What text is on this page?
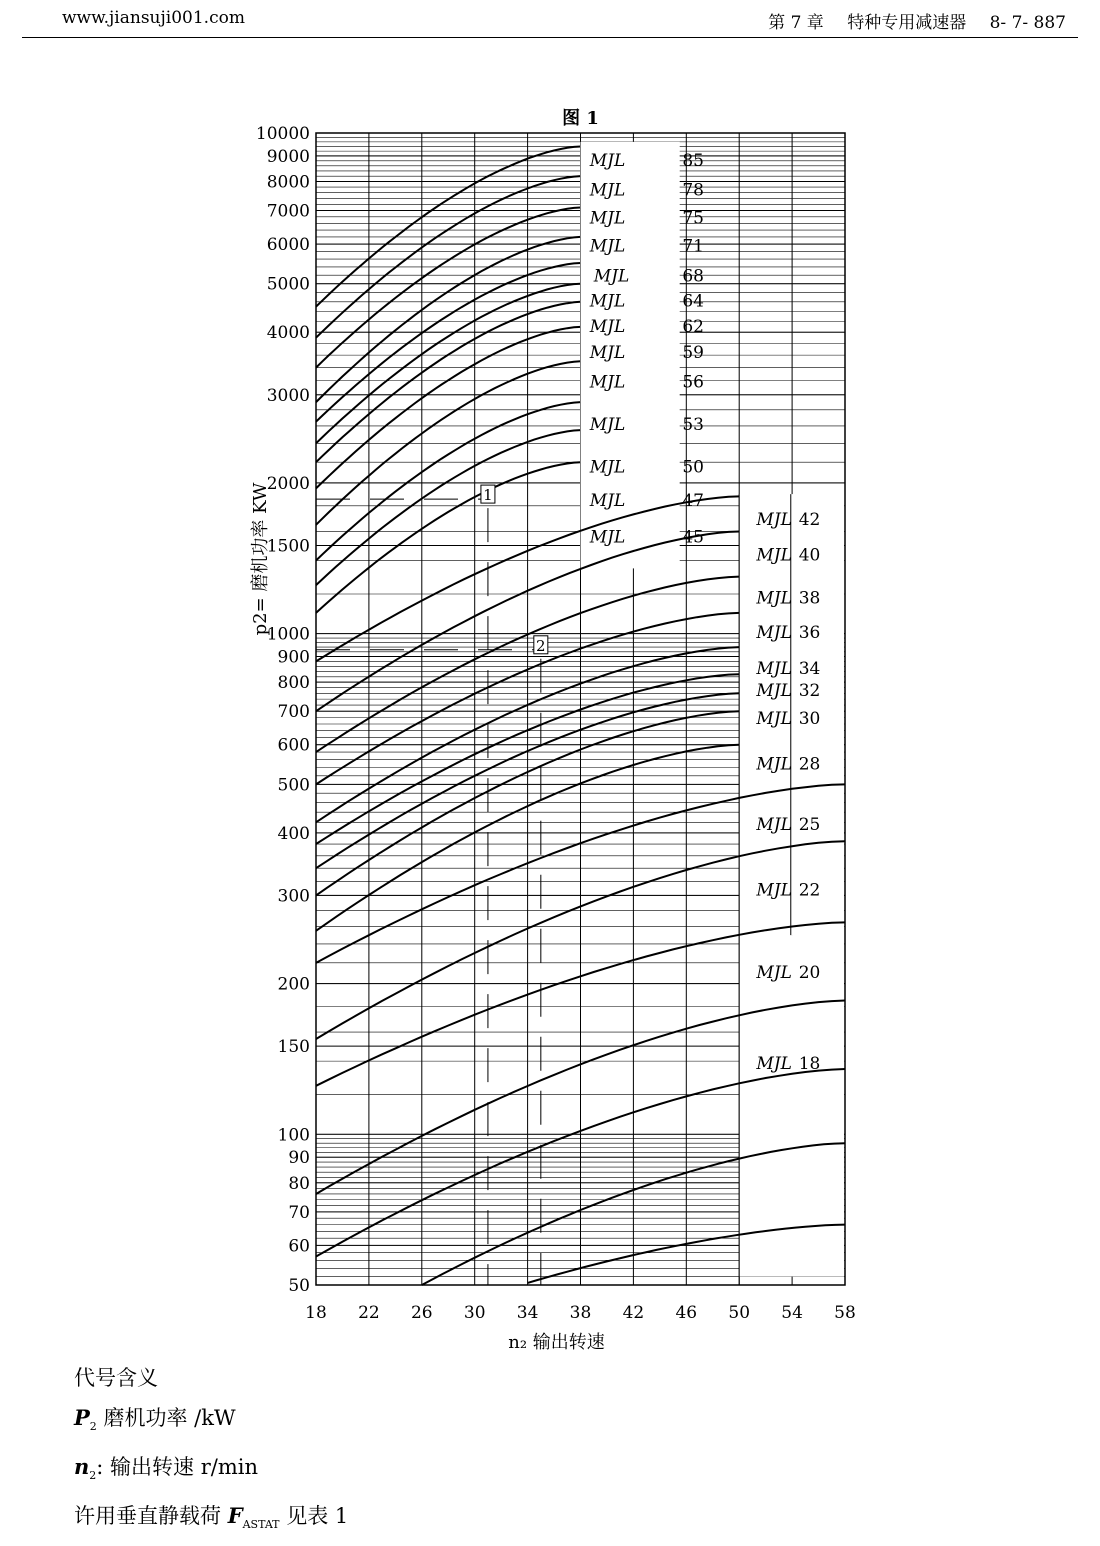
www.jiansuji001.com	第 7 章 特种专用减速器 8- 7- 887
1
2
18 22 26 30 34 38 42 46 50 54 58
50
60
70
80
90
100
150
200
300
400
500
600
700
800
900
1000
1500
2000
3000
4000
5000
6000
7000
8000
9000
10000
MJL	85
MJL	78
MJL	75
MJL	71
MJL	68
MJL	64
MJL	62
MJL	59
MJL	56
MJL	53
MJL	50
MJL	47
MJL	45
MJL 42
MJL 40
MJL 38
MJL 36
MJL 34
MJL 32
MJL 30
MJL 28
MJL 25
MJL 22
MJL 20
MJL 18
图 1
n₂ 输出转速
p2= 磨机功率 KW
代号含义
$P_2$ 磨机功率 /kW
$n_2$: 输出转速 r/min
许用垂直静载荷 $F_{ASTAT}$ 见表 1
